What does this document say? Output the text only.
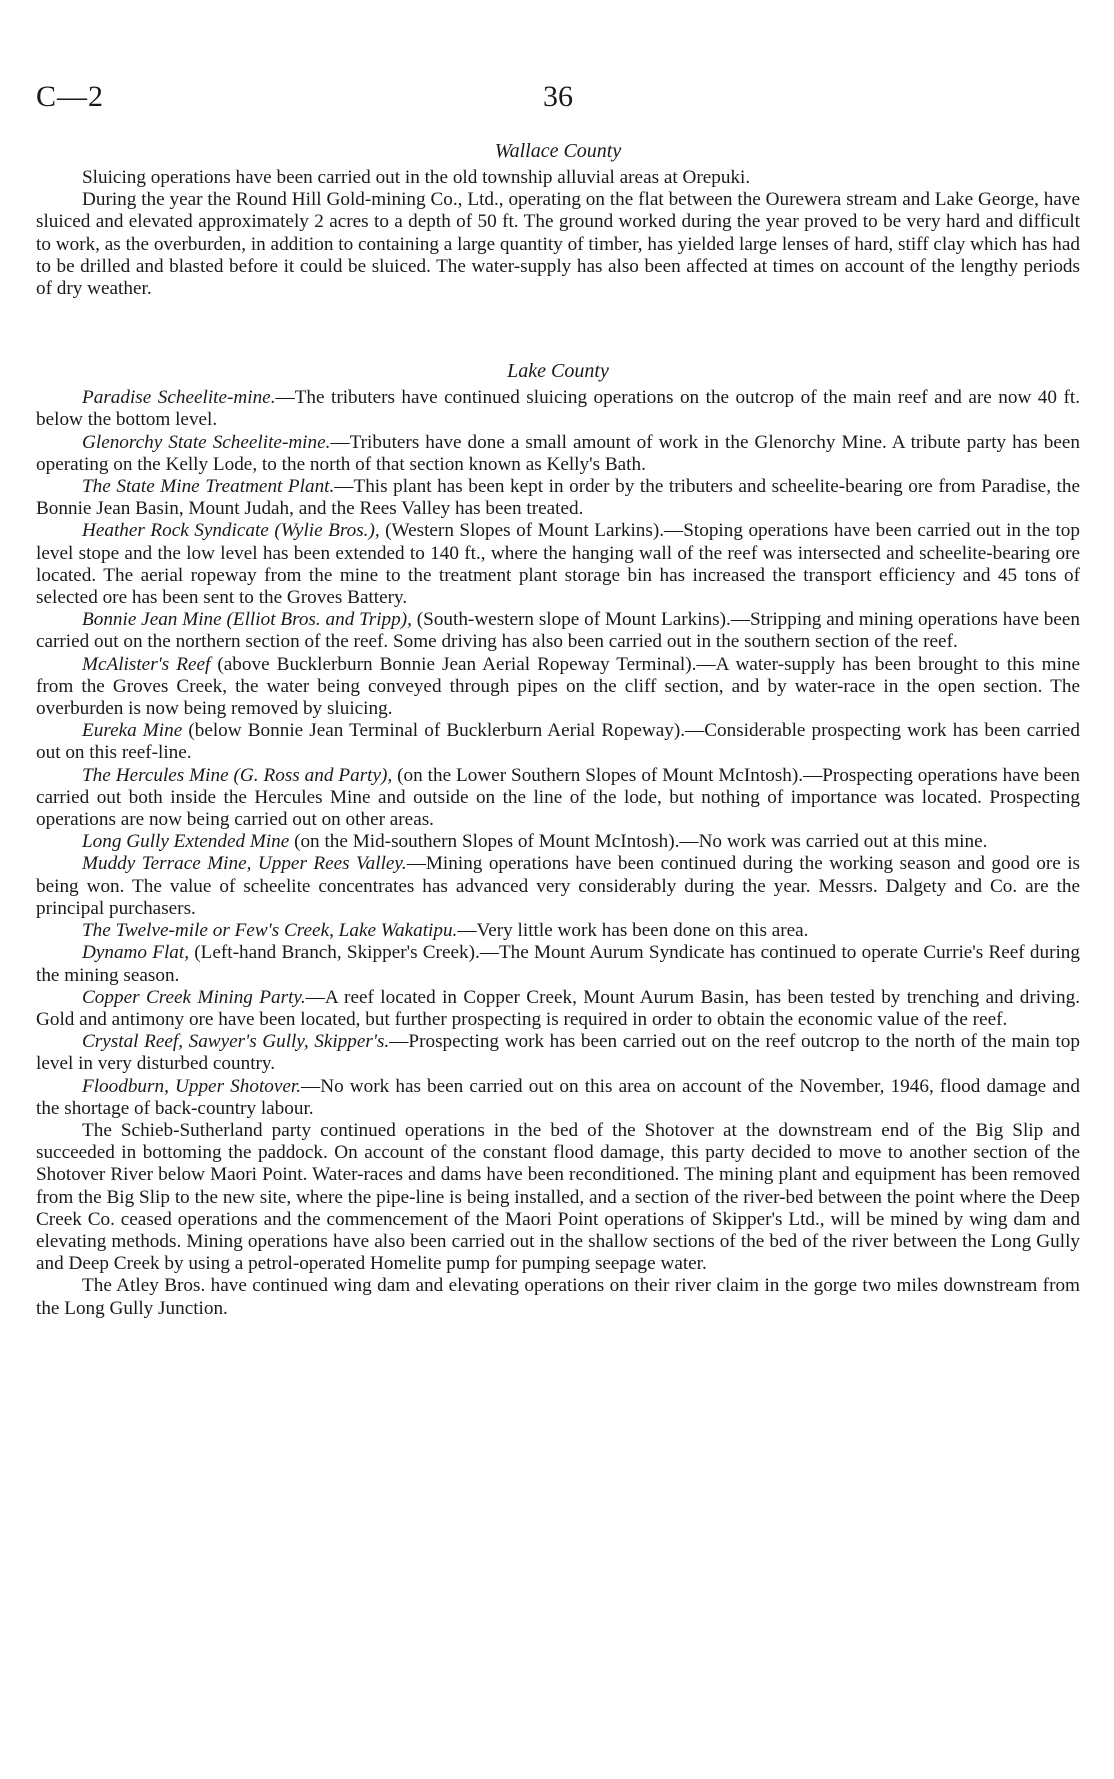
C—2	36
Wallace County

Sluicing operations have been carried out in the old township alluvial areas at Orepuki.

During the year the Round Hill Gold-mining Co., Ltd., operating on the flat between the Ourewera stream and Lake George, have sluiced and elevated approximately 2 acres to a depth of 50 ft. The ground worked during the year proved to be very hard and difficult to work, as the overburden, in addition to containing a large quantity of timber, has yielded large lenses of hard, stiff clay which has had to be drilled and blasted before it could be sluiced. The water-supply has also been affected at times on account of the lengthy periods of dry weather.

Lake County

Paradise Scheelite-mine.—The tributers have continued sluicing operations on the outcrop of the main reef and are now 40 ft. below the bottom level.

Glenorchy State Scheelite-mine.—Tributers have done a small amount of work in the Glenorchy Mine. A tribute party has been operating on the Kelly Lode, to the north of that section known as Kelly's Bath.

The State Mine Treatment Plant.—This plant has been kept in order by the tributers and scheelite-bearing ore from Paradise, the Bonnie Jean Basin, Mount Judah, and the Rees Valley has been treated.

Heather Rock Syndicate (Wylie Bros.), (Western Slopes of Mount Larkins).—Stoping operations have been carried out in the top level stope and the low level has been extended to 140 ft., where the hanging wall of the reef was intersected and scheelite-bearing ore located. The aerial ropeway from the mine to the treatment plant storage bin has increased the transport efficiency and 45 tons of selected ore has been sent to the Groves Battery.

Bonnie Jean Mine (Elliot Bros. and Tripp), (South-western slope of Mount Larkins).—Stripping and mining operations have been carried out on the northern section of the reef. Some driving has also been carried out in the southern section of the reef.

McAlister's Reef (above Bucklerburn Bonnie Jean Aerial Ropeway Terminal).—A water-supply has been brought to this mine from the Groves Creek, the water being conveyed through pipes on the cliff section, and by water-race in the open section. The overburden is now being removed by sluicing.

Eureka Mine (below Bonnie Jean Terminal of Bucklerburn Aerial Ropeway).—Considerable prospecting work has been carried out on this reef-line.

The Hercules Mine (G. Ross and Party), (on the Lower Southern Slopes of Mount McIntosh).—Prospecting operations have been carried out both inside the Hercules Mine and outside on the line of the lode, but nothing of importance was located. Prospecting operations are now being carried out on other areas.

Long Gully Extended Mine (on the Mid-southern Slopes of Mount McIntosh).—No work was carried out at this mine.

Muddy Terrace Mine, Upper Rees Valley.—Mining operations have been continued during the working season and good ore is being won. The value of scheelite concentrates has advanced very considerably during the year. Messrs. Dalgety and Co. are the principal purchasers.

The Twelve-mile or Few's Creek, Lake Wakatipu.—Very little work has been done on this area.

Dynamo Flat, (Left-hand Branch, Skipper's Creek).—The Mount Aurum Syndicate has continued to operate Currie's Reef during the mining season.

Copper Creek Mining Party.—A reef located in Copper Creek, Mount Aurum Basin, has been tested by trenching and driving. Gold and antimony ore have been located, but further prospecting is required in order to obtain the economic value of the reef.

Crystal Reef, Sawyer's Gully, Skipper's.—Prospecting work has been carried out on the reef outcrop to the north of the main top level in very disturbed country.

Floodburn, Upper Shotover.—No work has been carried out on this area on account of the November, 1946, flood damage and the shortage of back-country labour.

The Schieb-Sutherland party continued operations in the bed of the Shotover at the downstream end of the Big Slip and succeeded in bottoming the paddock. On account of the constant flood damage, this party decided to move to another section of the Shotover River below Maori Point. Water-races and dams have been reconditioned. The mining plant and equipment has been removed from the Big Slip to the new site, where the pipe-line is being installed, and a section of the river-bed between the point where the Deep Creek Co. ceased operations and the commencement of the Maori Point operations of Skipper's Ltd., will be mined by wing dam and elevating methods. Mining operations have also been carried out in the shallow sections of the bed of the river between the Long Gully and Deep Creek by using a petrol-operated Homelite pump for pumping seepage water.

The Atley Bros. have continued wing dam and elevating operations on their river claim in the gorge two miles downstream from the Long Gully Junction.
